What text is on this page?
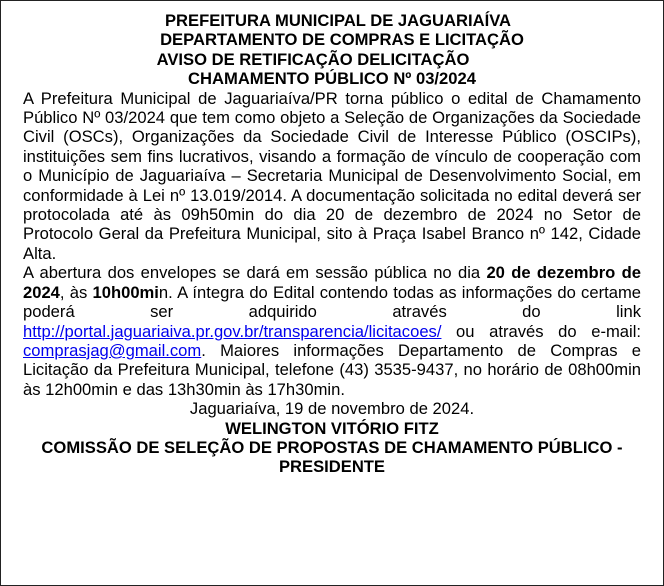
PREFEITURA MUNICIPAL DE JAGUARIAÍVA

DEPARTAMENTO DE COMPRAS E LICITAÇÃO

AVISO DE RETIFICAÇÃO DELICITAÇÃO

CHAMAMENTO PÚBLICO Nº 03/2024

A Prefeitura Municipal de Jaguariaíva/PR torna público o edital de Chamamento Público Nº 03/2024 que tem como objeto a Seleção de Organizações da Sociedade Civil (OSCs), Organizações da Sociedade Civil de Interesse Público (OSCIPs), instituições sem fins lucrativos, visando a formação de vínculo de cooperação com o Município de Jaguariaíva – Secretaria Municipal de Desenvolvimento Social, em conformidade à Lei nº 13.019/2014. A documentação solicitada no edital deverá ser protocolada até às 09h50min do dia 20 de dezembro de 2024 no Setor de Protocolo Geral da Prefeitura Municipal, sito à Praça Isabel Branco nº 142, Cidade Alta.

A abertura dos envelopes se dará em sessão pública no dia 20 de dezembro de 2024, às 10h00min. A íntegra do Edital contendo todas as informações do certame poderá ser adquirido através do link http://portal.jaguariaiva.pr.gov.br/transparencia/licitacoes/ ou através do e-mail: comprasjag@gmail.com. Maiores informações Departamento de Compras e Licitação da Prefeitura Municipal, telefone (43) 3535-9437, no horário de 08h00min às 12h00min e das 13h30min às 17h30min.

Jaguariaíva, 19 de novembro de 2024.

WELINGTON VITÓRIO FITZ

COMISSÃO DE SELEÇÃO DE PROPOSTAS DE CHAMAMENTO PÚBLICO - PRESIDENTE
